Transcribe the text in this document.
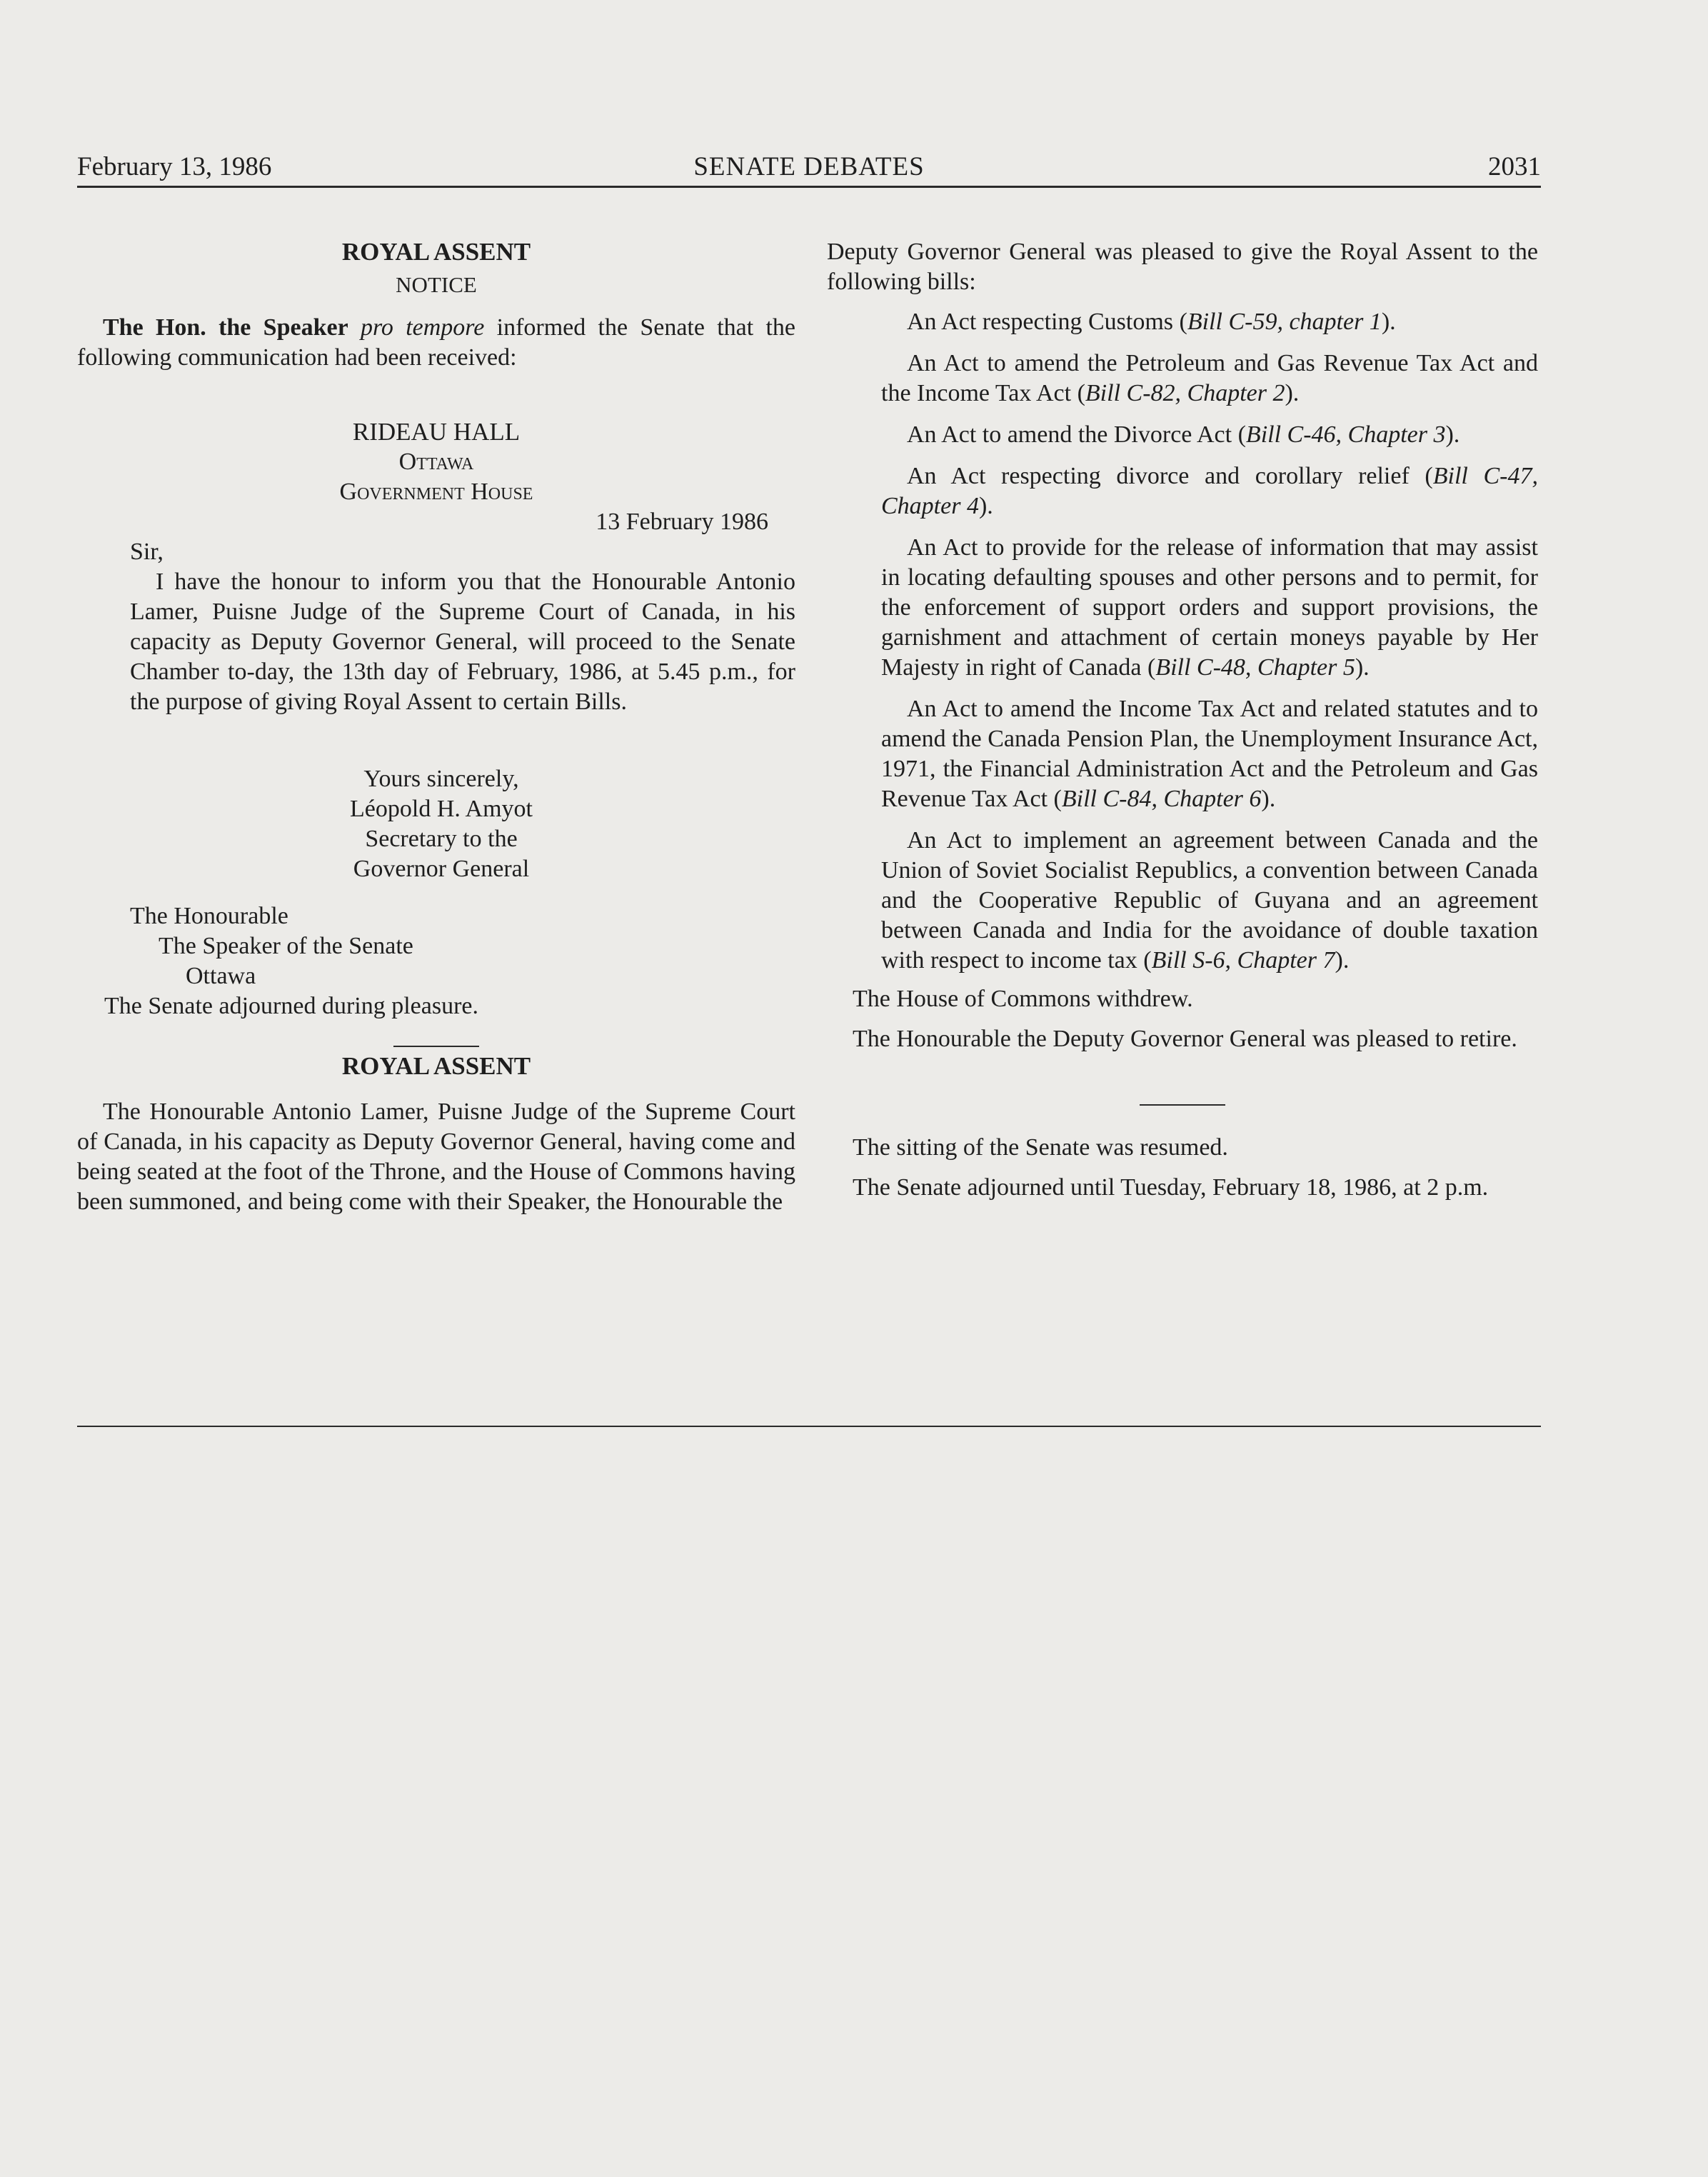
February 13, 1986	SENATE DEBATES	2031
ROYAL ASSENT
NOTICE

The Hon. the Speaker pro tempore informed the Senate that the following communication had been received:

RIDEAU HALL
Ottawa
Government House
13 February 1986
Sir,

I have the honour to inform you that the Honourable Antonio Lamer, Puisne Judge of the Supreme Court of Canada, in his capacity as Deputy Governor General, will proceed to the Senate Chamber to-day, the 13th day of February, 1986, at 5.45 p.m., for the purpose of giving Royal Assent to certain Bills.

Yours sincerely,
Léopold H. Amyot
Secretary to the
Governor General
The Honourable
The Speaker of the Senate
Ottawa

The Senate adjourned during pleasure.

ROYAL ASSENT

The Honourable Antonio Lamer, Puisne Judge of the Supreme Court of Canada, in his capacity as Deputy Governor General, having come and being seated at the foot of the Throne, and the House of Commons having been summoned, and being come with their Speaker, the Honourable the

Deputy Governor General was pleased to give the Royal Assent to the following bills:

An Act respecting Customs (Bill C-59, chapter 1).

An Act to amend the Petroleum and Gas Revenue Tax Act and the Income Tax Act (Bill C-82, Chapter 2).

An Act to amend the Divorce Act (Bill C-46, Chapter 3).

An Act respecting divorce and corollary relief (Bill C-47, Chapter 4).

An Act to provide for the release of information that may assist in locating defaulting spouses and other persons and to permit, for the enforcement of support orders and support provisions, the garnishment and attachment of certain moneys payable by Her Majesty in right of Canada (Bill C-48, Chapter 5).

An Act to amend the Income Tax Act and related statutes and to amend the Canada Pension Plan, the Unemployment Insurance Act, 1971, the Financial Administration Act and the Petroleum and Gas Revenue Tax Act (Bill C-84, Chapter 6).

An Act to implement an agreement between Canada and the Union of Soviet Socialist Republics, a convention between Canada and the Cooperative Republic of Guyana and an agreement between Canada and India for the avoidance of double taxation with respect to income tax (Bill S-6, Chapter 7).

The House of Commons withdrew.

The Honourable the Deputy Governor General was pleased to retire.

The sitting of the Senate was resumed.

The Senate adjourned until Tuesday, February 18, 1986, at 2 p.m.
